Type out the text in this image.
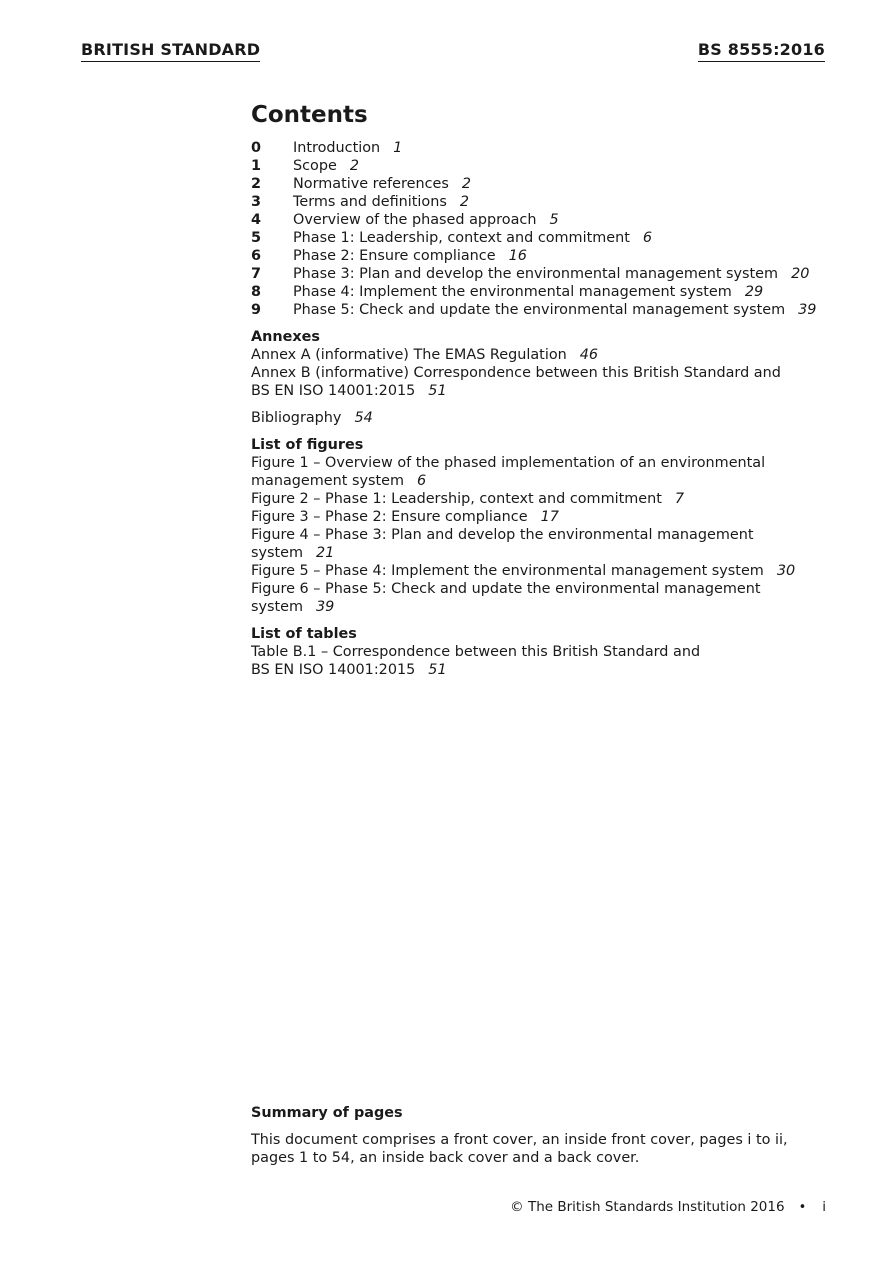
BRITISH STANDARD	BS 8555:2016
Contents
0	Introduction 1
1	Scope 2
2	Normative references 2
3	Terms and definitions 2
4	Overview of the phased approach 5
5	Phase 1: Leadership, context and commitment 6
6	Phase 2: Ensure compliance 16
7	Phase 3: Plan and develop the environmental management system 20
8	Phase 4: Implement the environmental management system 29
9	Phase 5: Check and update the environmental management system 39
Annexes
Annex A (informative) The EMAS Regulation 46
Annex B (informative) Correspondence between this British Standard and
BS EN ISO 14001:2015 51
Bibliography 54
List of figures
Figure 1 – Overview of the phased implementation of an environmental
management system 6
Figure 2 – Phase 1: Leadership, context and commitment 7
Figure 3 – Phase 2: Ensure compliance 17
Figure 4 – Phase 3: Plan and develop the environmental management
system 21
Figure 5 – Phase 4: Implement the environmental management system 30
Figure 6 – Phase 5: Check and update the environmental management
system 39
List of tables
Table B.1 – Correspondence between this British Standard and
BS EN ISO 14001:2015 51
Summary of pages
This document comprises a front cover, an inside front cover, pages i to ii,
pages 1 to 54, an inside back cover and a back cover.
© The British Standards Institution 2016 • i
